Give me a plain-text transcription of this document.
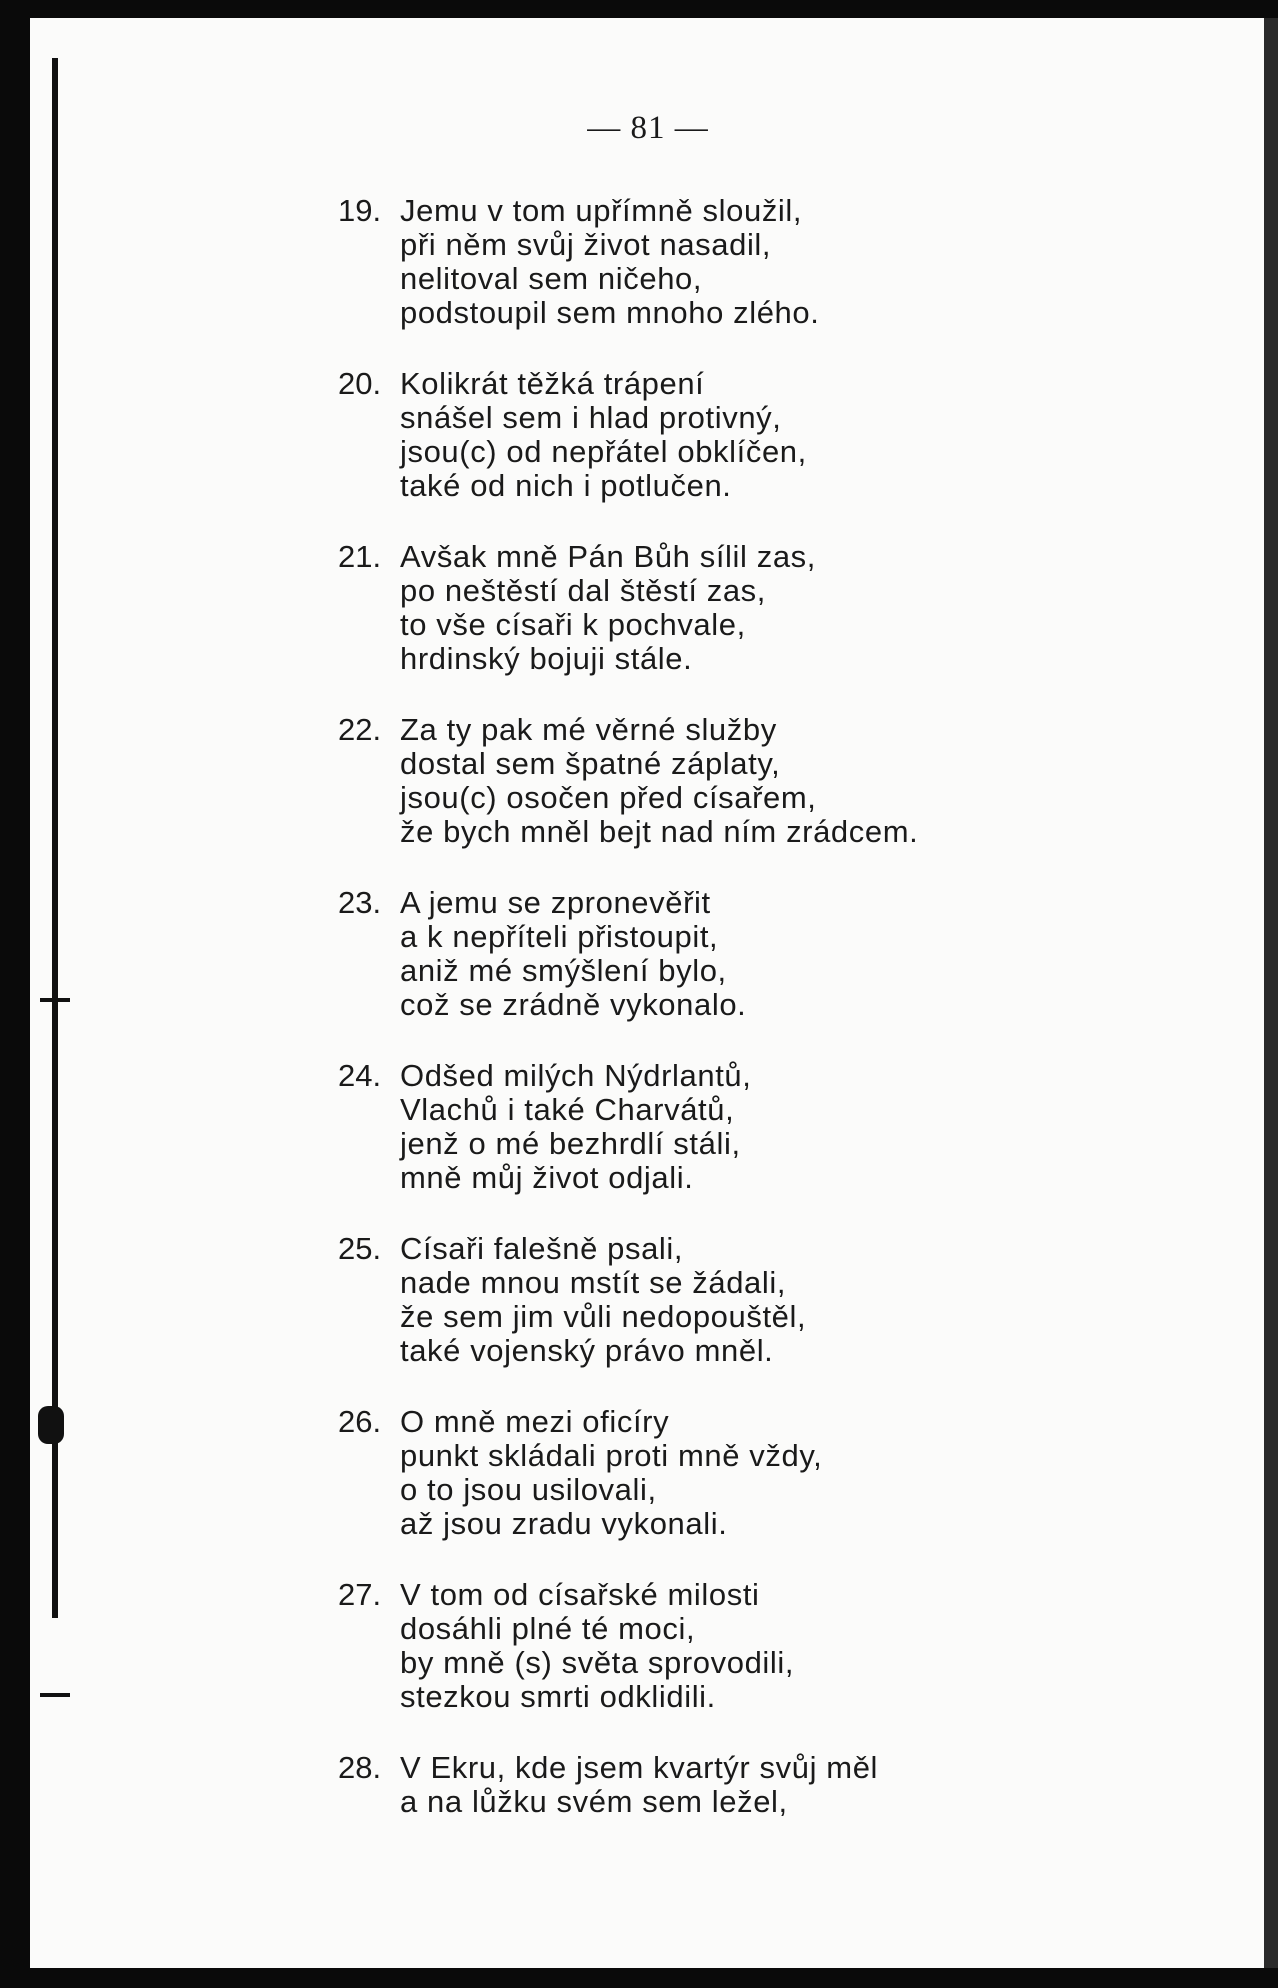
— 81 —
19. Jemu v tom upřímně sloužil,
při něm svůj život nasadil,
nelitoval sem ničeho,
podstoupil sem mnoho zlého.
20. Kolikrát těžká trápení
snášel sem i hlad protivný,
jsou(c) od nepřátel obklíčen,
také od nich i potlučen.
21. Avšak mně Pán Bůh sílil zas,
po neštěstí dal štěstí zas,
to vše císaři k pochvale,
hrdinský bojuji stále.
22. Za ty pak mé věrné služby
dostal sem špatné záplaty,
jsou(c) osočen před císařem,
že bych mněl bejt nad ním zrádcem.
23. A jemu se zpronevěřit
a k nepříteli přistoupit,
aniž mé smýšlení bylo,
což se zrádně vykonalo.
24. Odšed milých Nýdrlantů,
Vlachů i také Charvátů,
jenž o mé bezhrdlí stáli,
mně můj život odjali.
25. Císaři falešně psali,
nade mnou mstít se žádali,
že sem jim vůli nedopouštěl,
také vojenský právo mněl.
26. O mně mezi oficíry
punkt skládali proti mně vždy,
o to jsou usilovali,
až jsou zradu vykonali.
27. V tom od císařské milosti
dosáhli plné té moci,
by mně (s) světa sprovodili,
stezkou smrti odklidili.
28. V Ekru, kde jsem kvartýr svůj měl
a na lůžku svém sem ležel,
